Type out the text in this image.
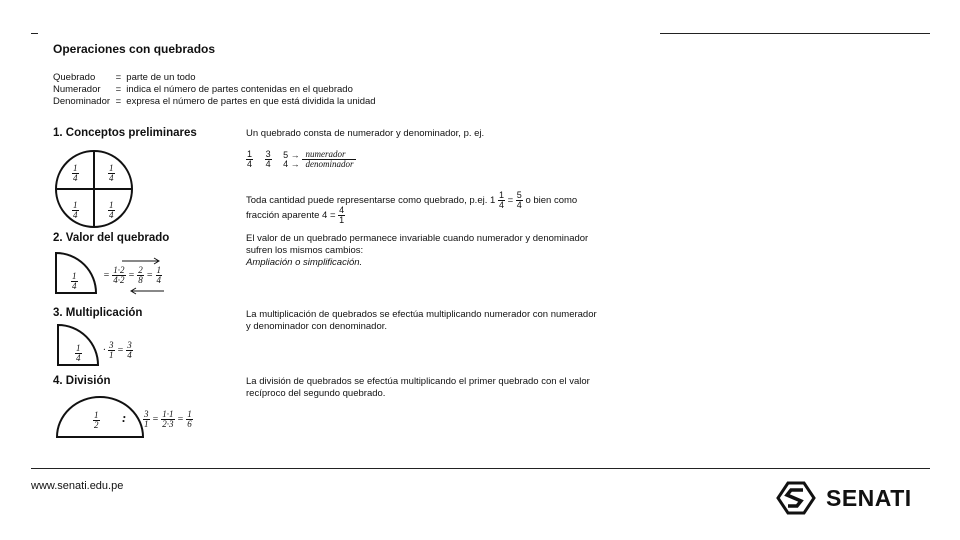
Operaciones con quebrados
Quebrado = parte de un todo
Numerador = indica el número de partes contenidas en el quebrado
Denominador = expresa el número de partes en que está dividida la unidad
1. Conceptos preliminares	Un quebrado consta de numerador y denominador, p. ej.
$\frac{1}{4}$	$\frac{1}{4}$
$\frac{1}{4}$	$\frac{1}{4}$
$\frac{1}{4}$
$\frac{3}{4}$
5 →
4 →

numerador
denominador
Toda cantidad puede representarse como quebrado, p.ej. $1 \frac{1}{4} = \frac{5}{4}$ o bien como
fracción aparente $4 = \frac{4}{1}$
2. Valor del quebrado	El valor de un quebrado permanece invariable cuando numerador y denominador
sufren los mismos cambios:
Ampliación o simplificación.
$\frac{1}{4}$	= $\frac{1\cdot 2}{4\cdot 2} = \frac{2}{8} = \frac{1}{4}$
3. Multiplicación	La multiplicación de quebrados se efectúa multiplicando numerador con numerador
y denominador con denominador.
$\frac{1}{4} \cdot \frac{3}{1} = \frac{3}{4}$
4. División	La división de quebrados se efectúa multiplicando el primer quebrado con el valor
recíproco del segundo quebrado.
$\frac{1}{2}$ : $\frac{3}{1} = \frac{1\cdot 1}{2\cdot 3} = \frac{1}{6}$
www.senati.edu.pe	SENATI
